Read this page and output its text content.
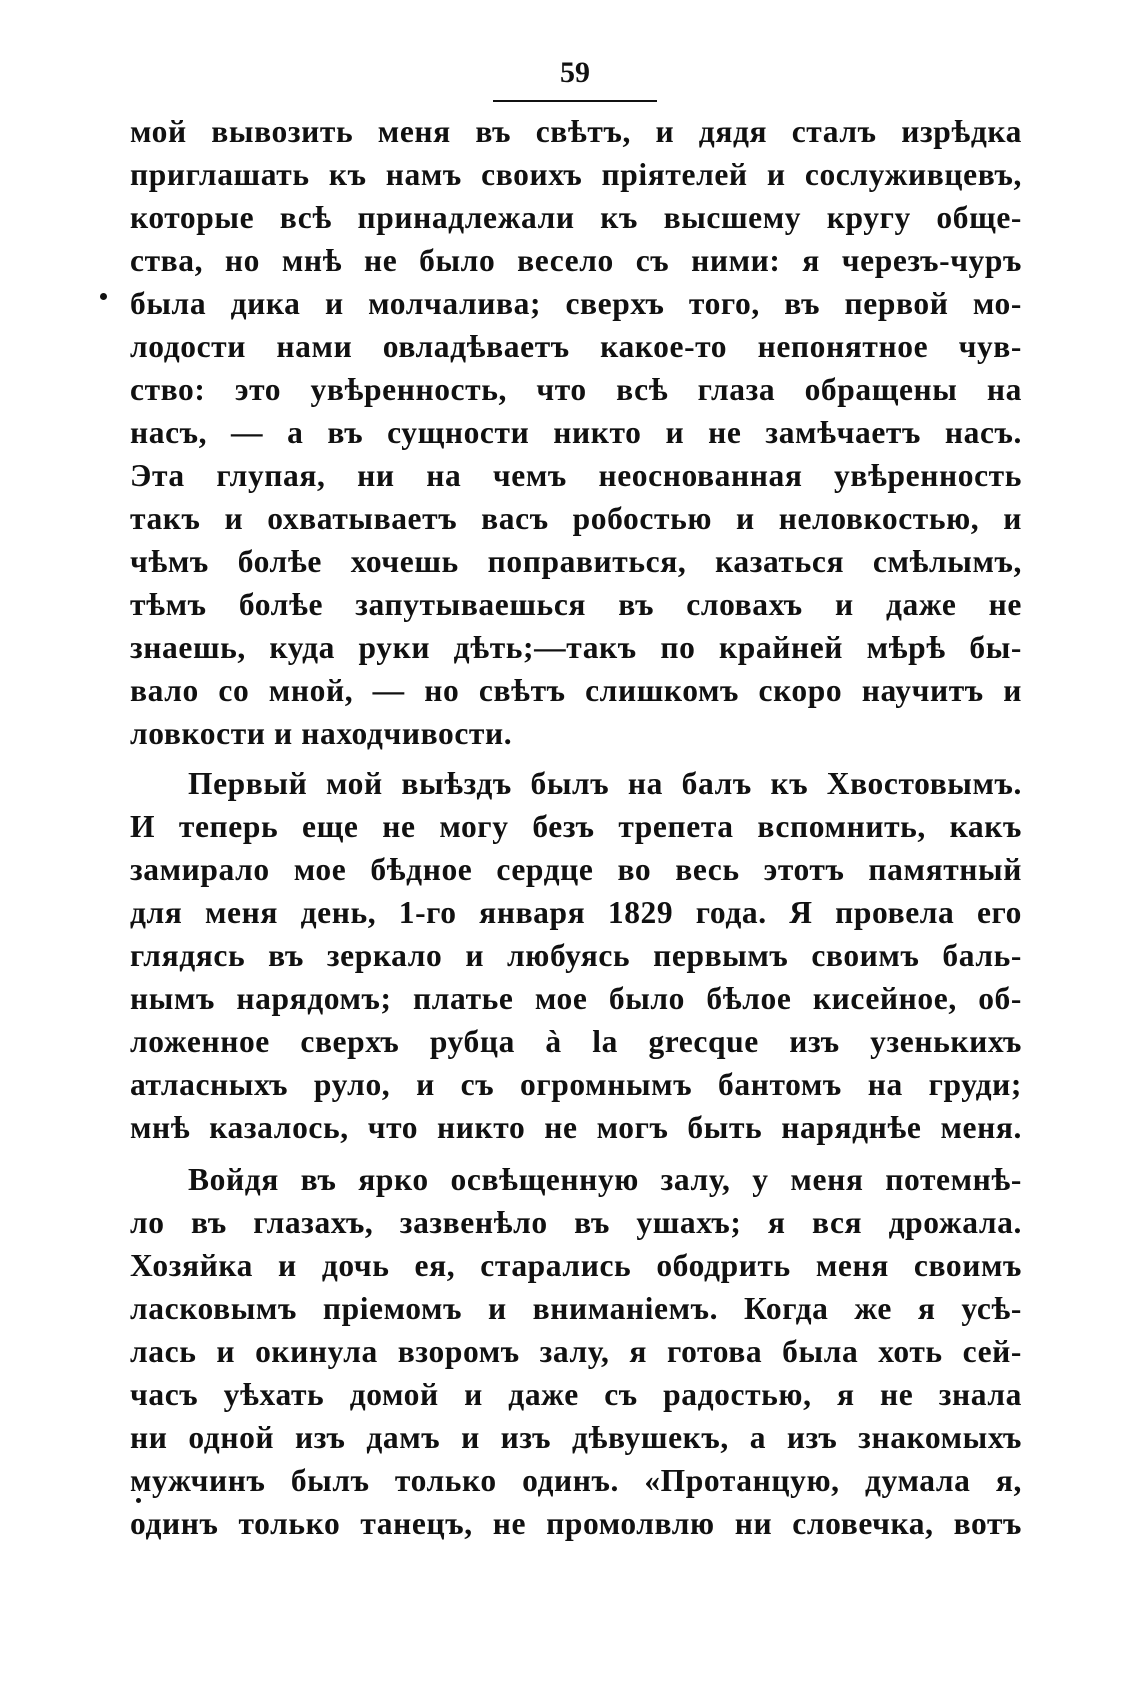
59
мой вывозить меня въ свѣтъ, и дядя сталъ изрѣдка
приглашать къ намъ своихъ пріятелей и сослуживцевъ,
которые всѣ принадлежали къ высшему кругу обще-
ства, но мнѣ не было весело съ ними: я черезъ-чуръ
была дика и молчалива; сверхъ того, въ первой мо-
лодости нами овладѣваетъ какое-то непонятное чув-
ство: это увѣренность, что всѣ глаза обращены на
насъ, — а въ сущности никто и не замѣчаетъ насъ.
Эта глупая, ни на чемъ неоснованная увѣренность
такъ и охватываетъ васъ робостью и неловкостью, и
чѣмъ болѣе хочешь поправиться, казаться смѣлымъ,
тѣмъ болѣе запутываешься въ словахъ и даже не
знаешь, куда руки дѣть;—такъ по крайней мѣрѣ бы-
вало со мной, — но свѣтъ слишкомъ скоро научитъ и
ловкости и находчивости.
Первый мой выѣздъ былъ на балъ къ Хвостовымъ.
И теперь еще не могу безъ трепета вспомнить, какъ
замирало мое бѣдное сердце во весь этотъ памятный
для меня день, 1-го января 1829 года. Я провела его
глядясь въ зеркало и любуясь первымъ своимъ баль-
нымъ нарядомъ; платье мое было бѣлое кисейное, об-
ложенное сверхъ рубца à la grecque изъ узенькихъ
атласныхъ руло, и съ огромнымъ бантомъ на груди;
мнѣ казалось, что никто не могъ быть наряднѣе меня.
Войдя въ ярко освѣщенную залу, у меня потемнѣ-
ло въ глазахъ, зазвенѣло въ ушахъ; я вся дрожала.
Хозяйка и дочь ея, старались ободрить меня своимъ
ласковымъ пріемомъ и вниманіемъ. Когда же я усѣ-
лась и окинула взоромъ залу, я готова была хоть сей-
часъ уѣхать домой и даже съ радостью, я не знала
ни одной изъ дамъ и изъ дѣвушекъ, а изъ знакомыхъ
мужчинъ былъ только одинъ. «Протанцую, думала я,
одинъ только танецъ, не промолвлю ни словечка, вотъ
